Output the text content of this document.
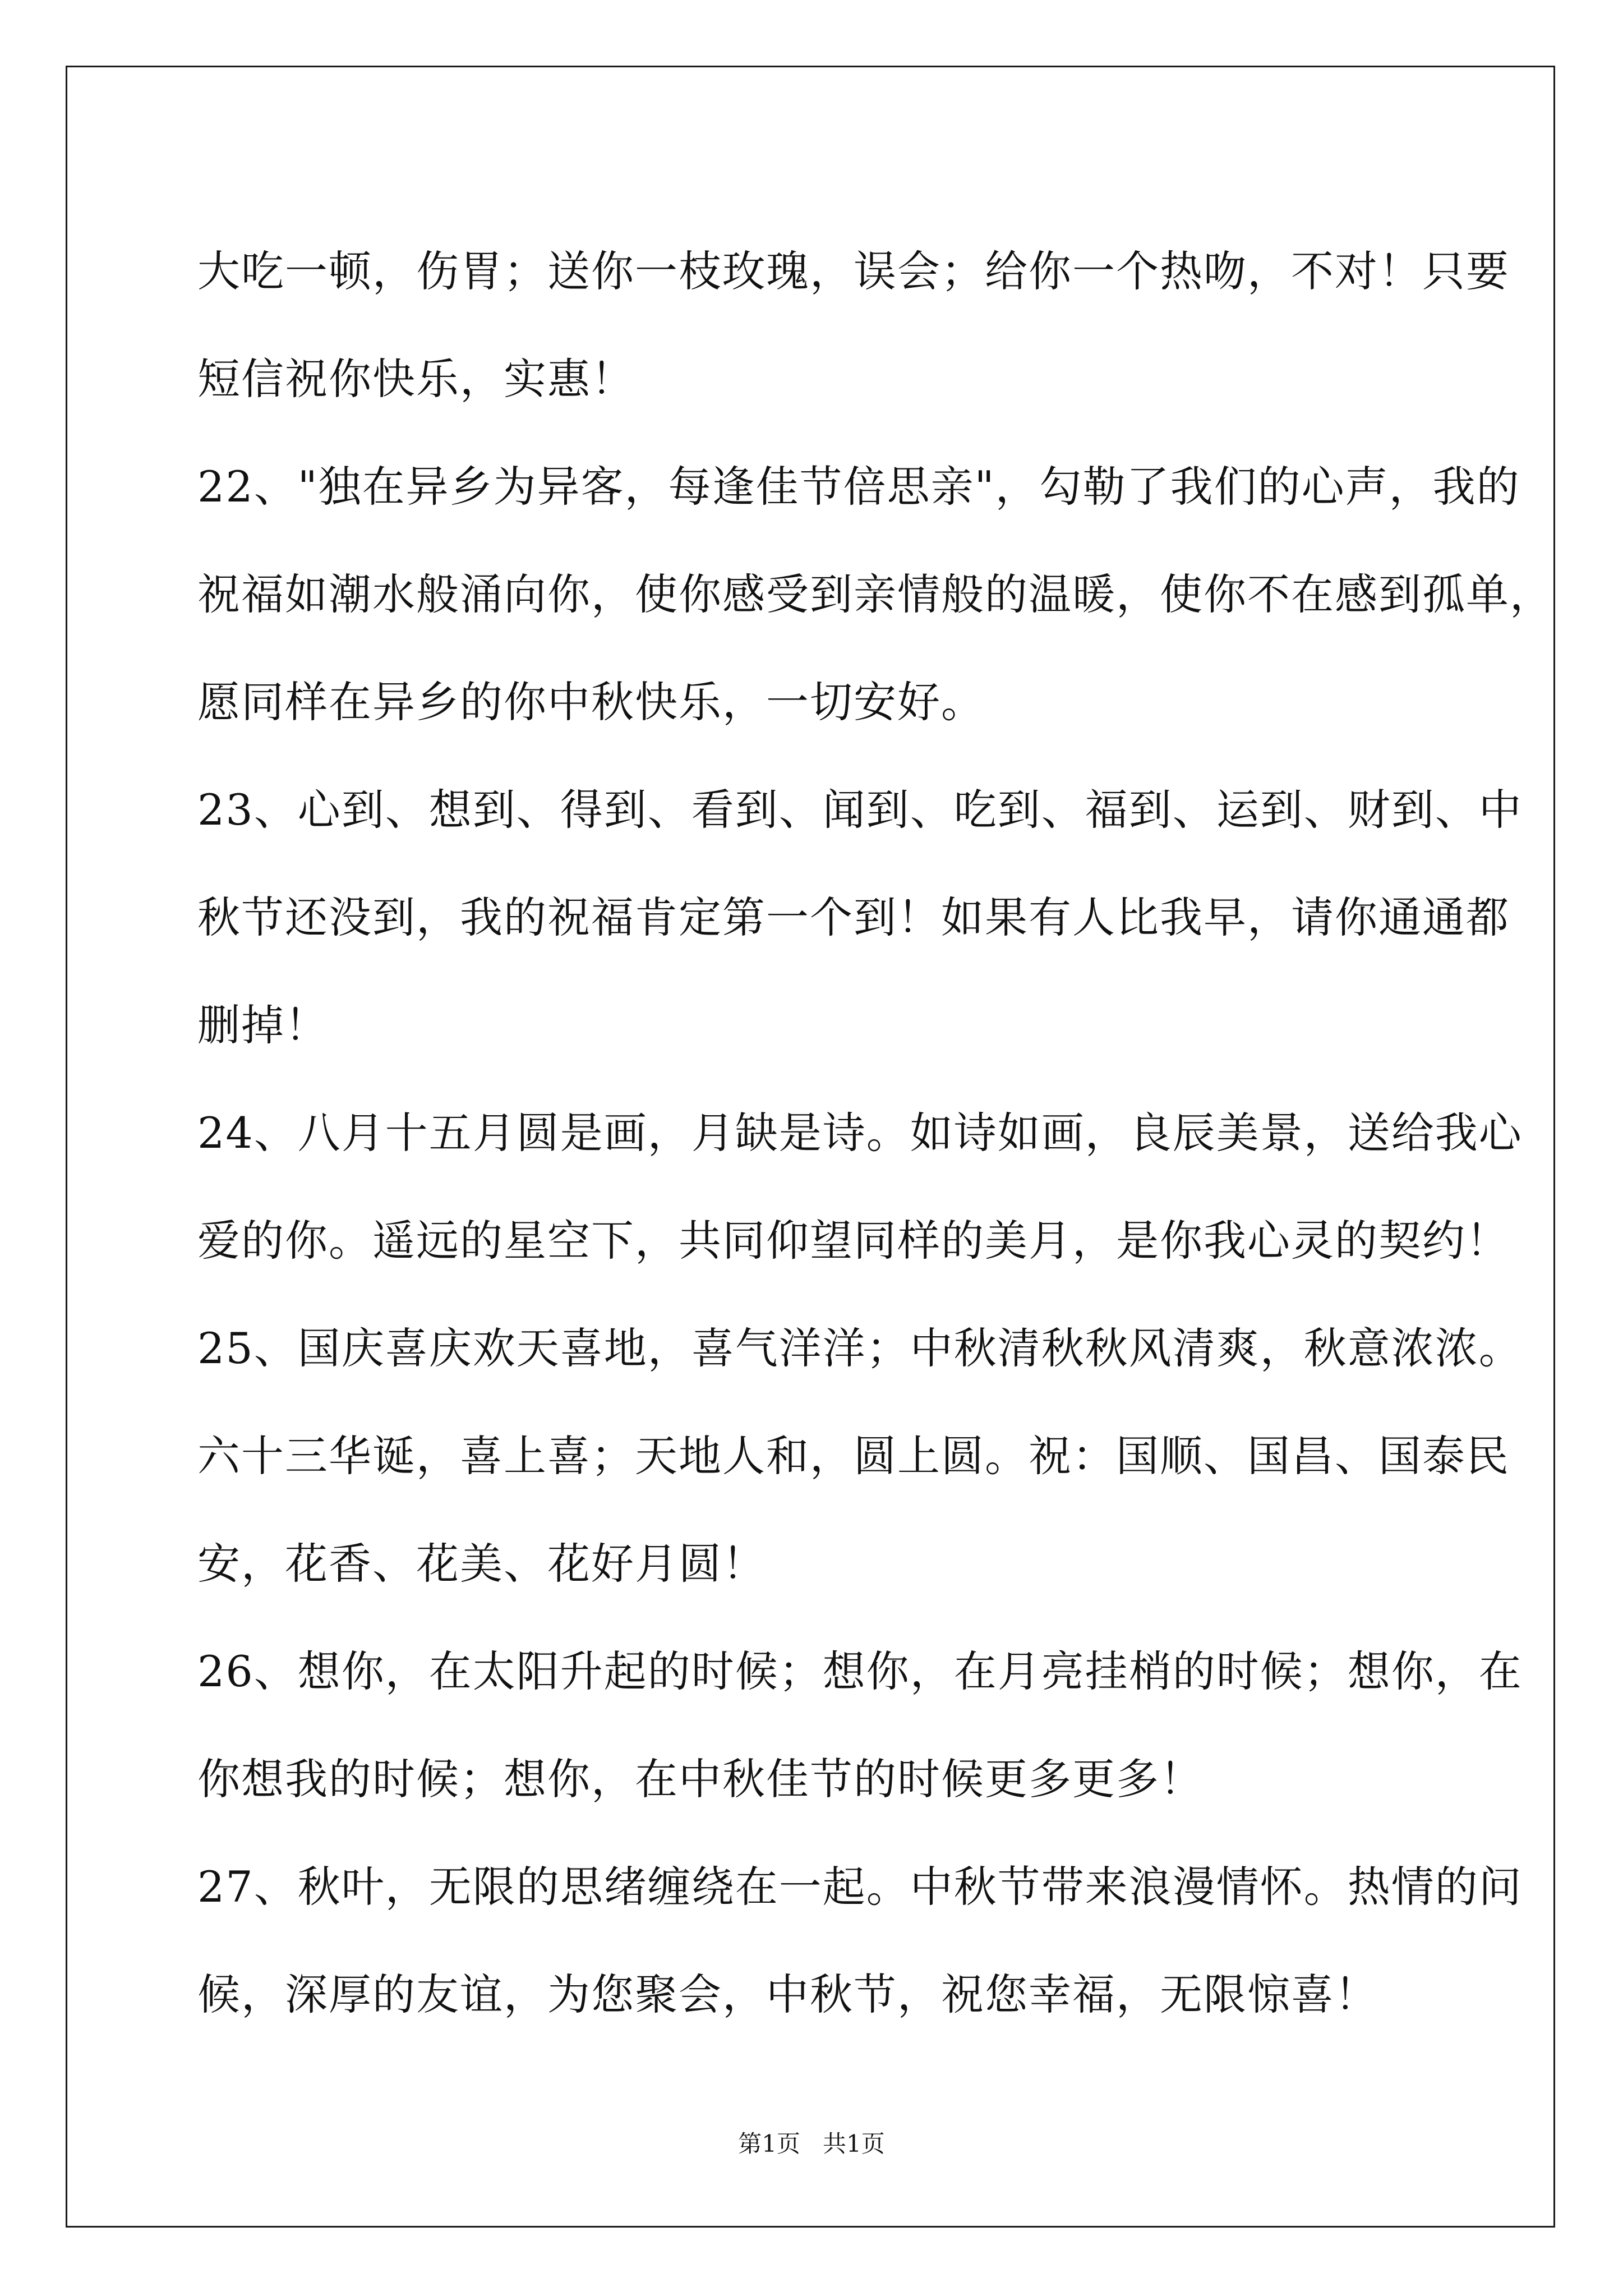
大吃一顿，伤胃；送你一枝玫瑰，误会；给你一个热吻，不对！只要

短信祝你快乐，实惠！

22、"独在异乡为异客，每逢佳节倍思亲"，勾勒了我们的心声，我的

祝福如潮水般涌向你，使你感受到亲情般的温暖，使你不在感到孤单，

愿同样在异乡的你中秋快乐，一切安好。

23、心到、想到、得到、看到、闻到、吃到、福到、运到、财到、中

秋节还没到，我的祝福肯定第一个到！如果有人比我早，请你通通都

删掉！

24、八月十五月圆是画，月缺是诗。如诗如画，良辰美景，送给我心

爱的你。遥远的星空下，共同仰望同样的美月，是你我心灵的契约！

25、国庆喜庆欢天喜地，喜气洋洋；中秋清秋秋风清爽，秋意浓浓。

六十三华诞，喜上喜；天地人和，圆上圆。祝：国顺、国昌、国泰民

安，花香、花美、花好月圆！

26、想你，在太阳升起的时候；想你，在月亮挂梢的时候；想你，在

你想我的时候；想你，在中秋佳节的时候更多更多！

27、秋叶，无限的思绪缠绕在一起。中秋节带来浪漫情怀。热情的问

候，深厚的友谊，为您聚会，中秋节，祝您幸福，无限惊喜！

第1页   共1页
